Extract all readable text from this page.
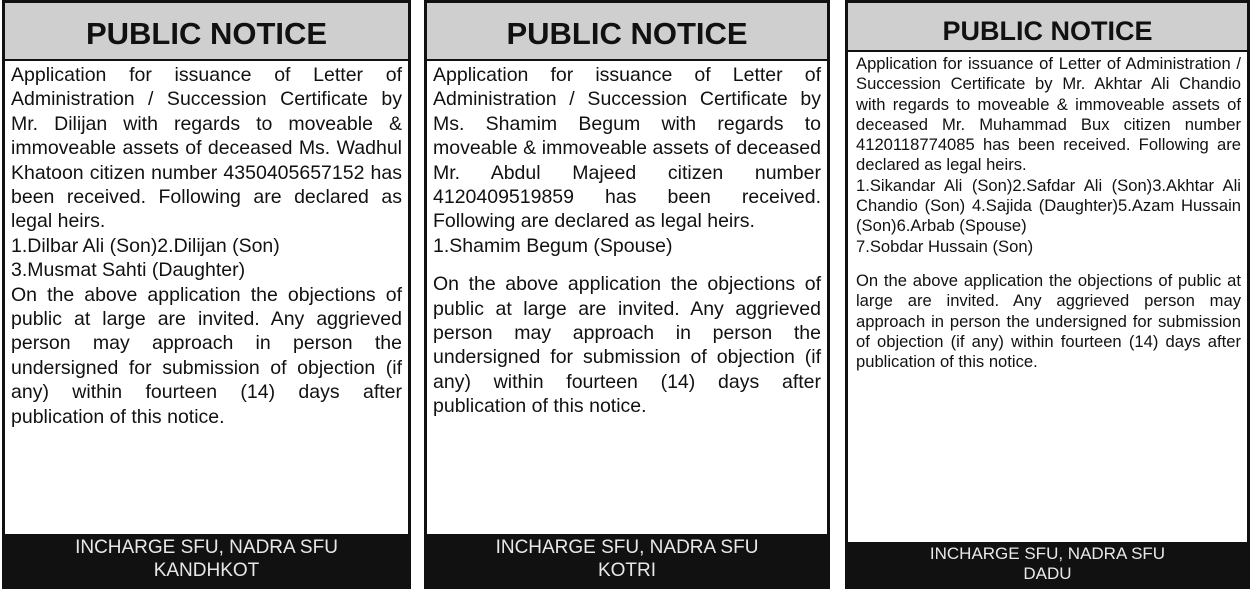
PUBLIC NOTICE

Application for issuance of Letter of Administration / Succession Certificate by Mr. Dilijan with regards to moveable & immoveable assets of deceased Ms. Wadhul Khatoon citizen number 4350405657152 has been received. Following are declared as legal heirs.

1.Dilbar Ali (Son)2.Dilijan (Son)

3.Musmat Sahti (Daughter)

On the above application the objections of public at large are invited. Any aggrieved person may approach in person the undersigned for submission of objection (if any) within fourteen (14) days after publication of this notice.

INCHARGE SFU, NADRA SFU
KANDHKOT
PUBLIC NOTICE

Application for issuance of Letter of Administration / Succession Certificate by Ms. Shamim Begum with regards to moveable & immoveable assets of deceased Mr. Abdul Majeed citizen number 4120409519859 has been received. Following are declared as legal heirs.

1.Shamim Begum (Spouse)

On the above application the objections of public at large are invited. Any aggrieved person may approach in person the undersigned for submission of objection (if any) within fourteen (14) days after publication of this notice.

INCHARGE SFU, NADRA SFU
KOTRI
PUBLIC NOTICE

Application for issuance of Letter of Administration / Succession Certificate by Mr. Akhtar Ali Chandio with regards to moveable & immoveable assets of deceased Mr. Muhammad Bux citizen number 4120118774085 has been received. Following are declared as legal heirs.

1.Sikandar Ali (Son)2.Safdar Ali (Son)3.Akhtar Ali Chandio (Son) 4.Sajida (Daughter)5.Azam Hussain (Son)6.Arbab (Spouse)

7.Sobdar Hussain (Son)

On the above application the objections of public at large are invited. Any aggrieved person may approach in person the undersigned for submission of objection (if any) within fourteen (14) days after publication of this notice.

INCHARGE SFU, NADRA SFU
DADU
